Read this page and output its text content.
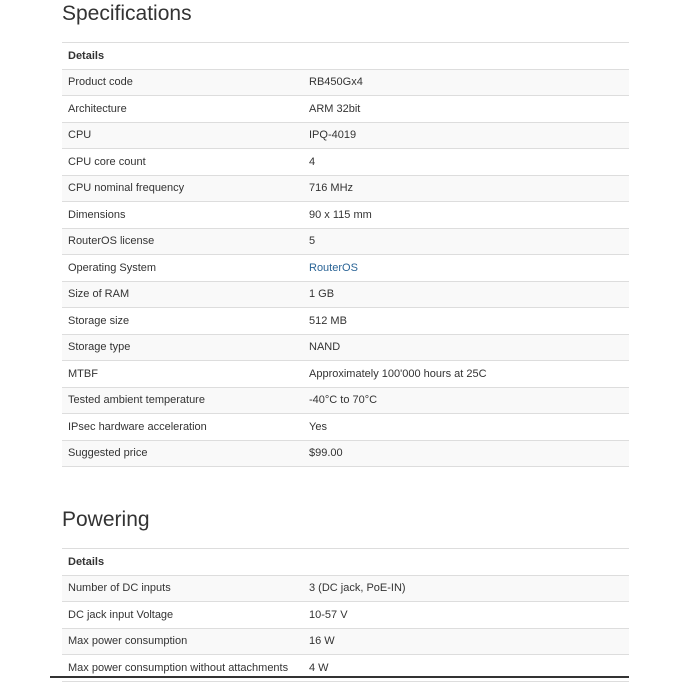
Specifications
Details	
Product code	RB450Gx4
Architecture	ARM 32bit
CPU	IPQ-4019
CPU core count	4
CPU nominal frequency	716 MHz
Dimensions	90 x 115 mm
RouterOS license	5
Operating System	RouterOS
Size of RAM	1 GB
Storage size	512 MB
Storage type	NAND
MTBF	Approximately 100'000 hours at 25C
Tested ambient temperature	-40°C to 70°C
IPsec hardware acceleration	Yes
Suggested price	$99.00
Powering
Details	
Number of DC inputs	3 (DC jack, PoE-IN)
DC jack input Voltage	10-57 V
Max power consumption	16 W
Max power consumption without attachments	4 W
